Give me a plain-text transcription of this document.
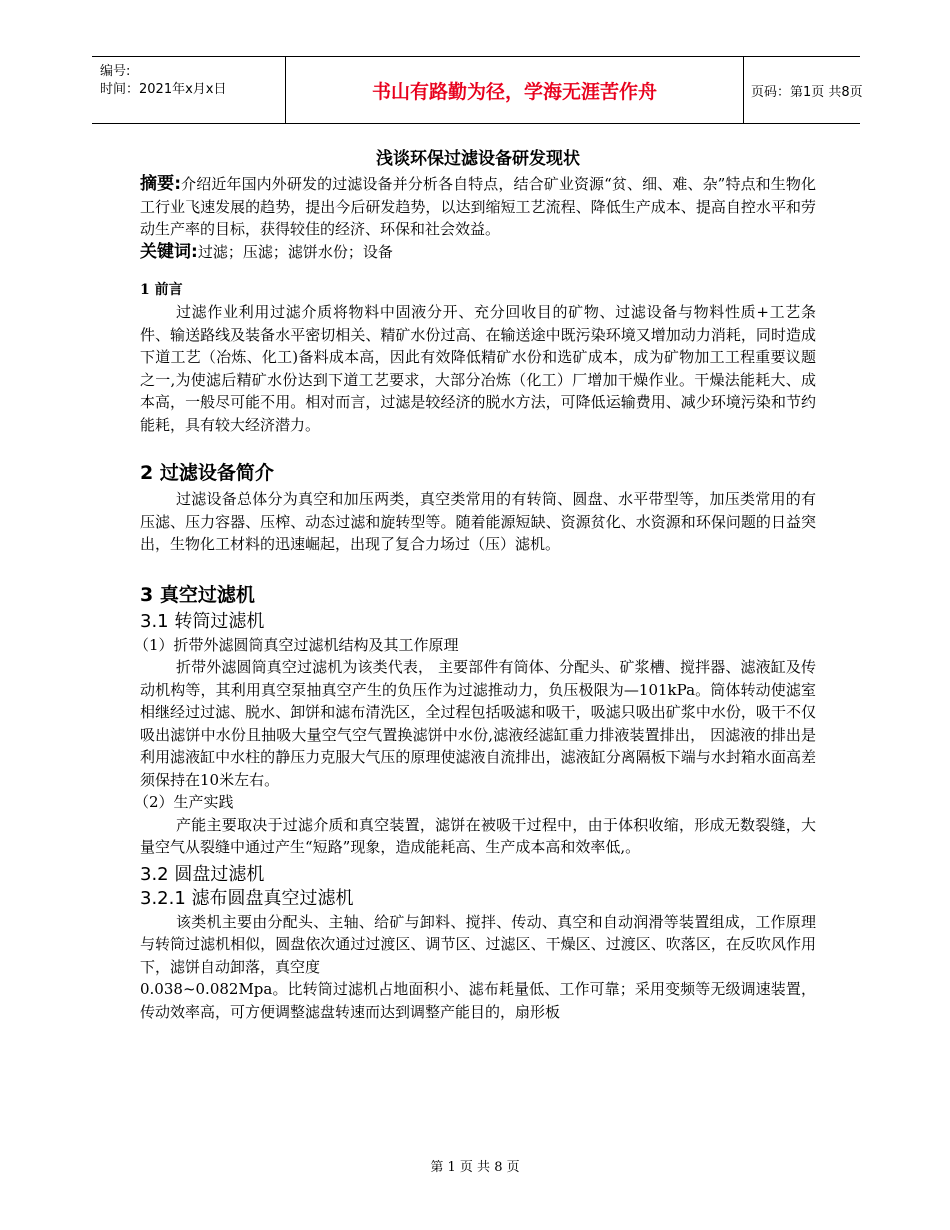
编号:
时间：2021年x月x日	书山有路勤为径，学海无涯苦作舟	页码：第1页 共8页
浅谈环保过滤设备研发现状

摘要:介绍近年国内外研发的过滤设备并分析各自特点，结合矿业资源“贫、细、难、杂”特点和生物化工行业飞速发展的趋势，提出今后研发趋势，以达到缩短工艺流程、降低生产成本、提高自控水平和劳动生产率的目标，获得较佳的经济、环保和社会效益。

关键词:过滤；压滤；滤饼水份；设备

1 前言

过滤作业利用过滤介质将物料中固液分开、充分回收目的矿物、过滤设备与物料性质+工艺条件、输送路线及装备水平密切相关、精矿水份过高、在输送途中既污染环境又增加动力消耗，同时造成下道工艺（冶炼、化工)备料成本高，因此有效降低精矿水份和选矿成本，成为矿物加工工程重要议题之一,为使滤后精矿水份达到下道工艺要求，大部分冶炼（化工）厂增加干燥作业。干燥法能耗大、成本高，一般尽可能不用。相对而言，过滤是较经济的脱水方法，可降低运输费用、减少环境污染和节约能耗，具有较大经济潜力。

2 过滤设备简介

过滤设备总体分为真空和加压两类，真空类常用的有转筒、圆盘、水平带型等，加压类常用的有压滤、压力容器、压榨、动态过滤和旋转型等。随着能源短缺、资源贫化、水资源和环保问题的日益突出，生物化工材料的迅速崛起，出现了复合力场过（压）滤机。

3 真空过滤机
3.1 转筒过滤机
（1）折带外滤圆筒真空过滤机结构及其工作原理

折带外滤圆筒真空过滤机为该类代表， 主要部件有筒体、分配头、矿浆槽、搅拌器、滤液缸及传动机构等，其利用真空泵抽真空产生的负压作为过滤推动力，负压极限为—101kPa。筒体转动使滤室相继经过过滤、脱水、卸饼和滤布清洗区，全过程包括吸滤和吸干，吸滤只吸出矿浆中水份，吸干不仅吸出滤饼中水份且抽吸大量空气空气置换滤饼中水份,滤液经滤缸重力排液装置排出， 因滤液的排出是利用滤液缸中水柱的静压力克服大气压的原理使滤液自流排出，滤液缸分离隔板下端与水封箱水面高差须保持在10米左右。

（2）生产实践

产能主要取决于过滤介质和真空装置，滤饼在被吸干过程中，由于体积收缩，形成无数裂缝，大量空气从裂缝中通过产生“短路”现象，造成能耗高、生产成本高和效率低,。

3.2 圆盘过滤机
3.2.1 滤布圆盘真空过滤机

该类机主要由分配头、主轴、给矿与卸料、搅拌、传动、真空和自动润滑等装置组成，工作原理与转筒过滤机相似，圆盘依次通过过渡区、调节区、过滤区、干燥区、过渡区、吹落区，在反吹风作用下，滤饼自动卸落，真空度

0.038~0.082Mpa。比转筒过滤机占地面积小、滤布耗量低、工作可靠；采用变频等无级调速装置，传动效率高，可方便调整滤盘转速而达到调整产能目的，扇形板

第 1 页 共 8 页
